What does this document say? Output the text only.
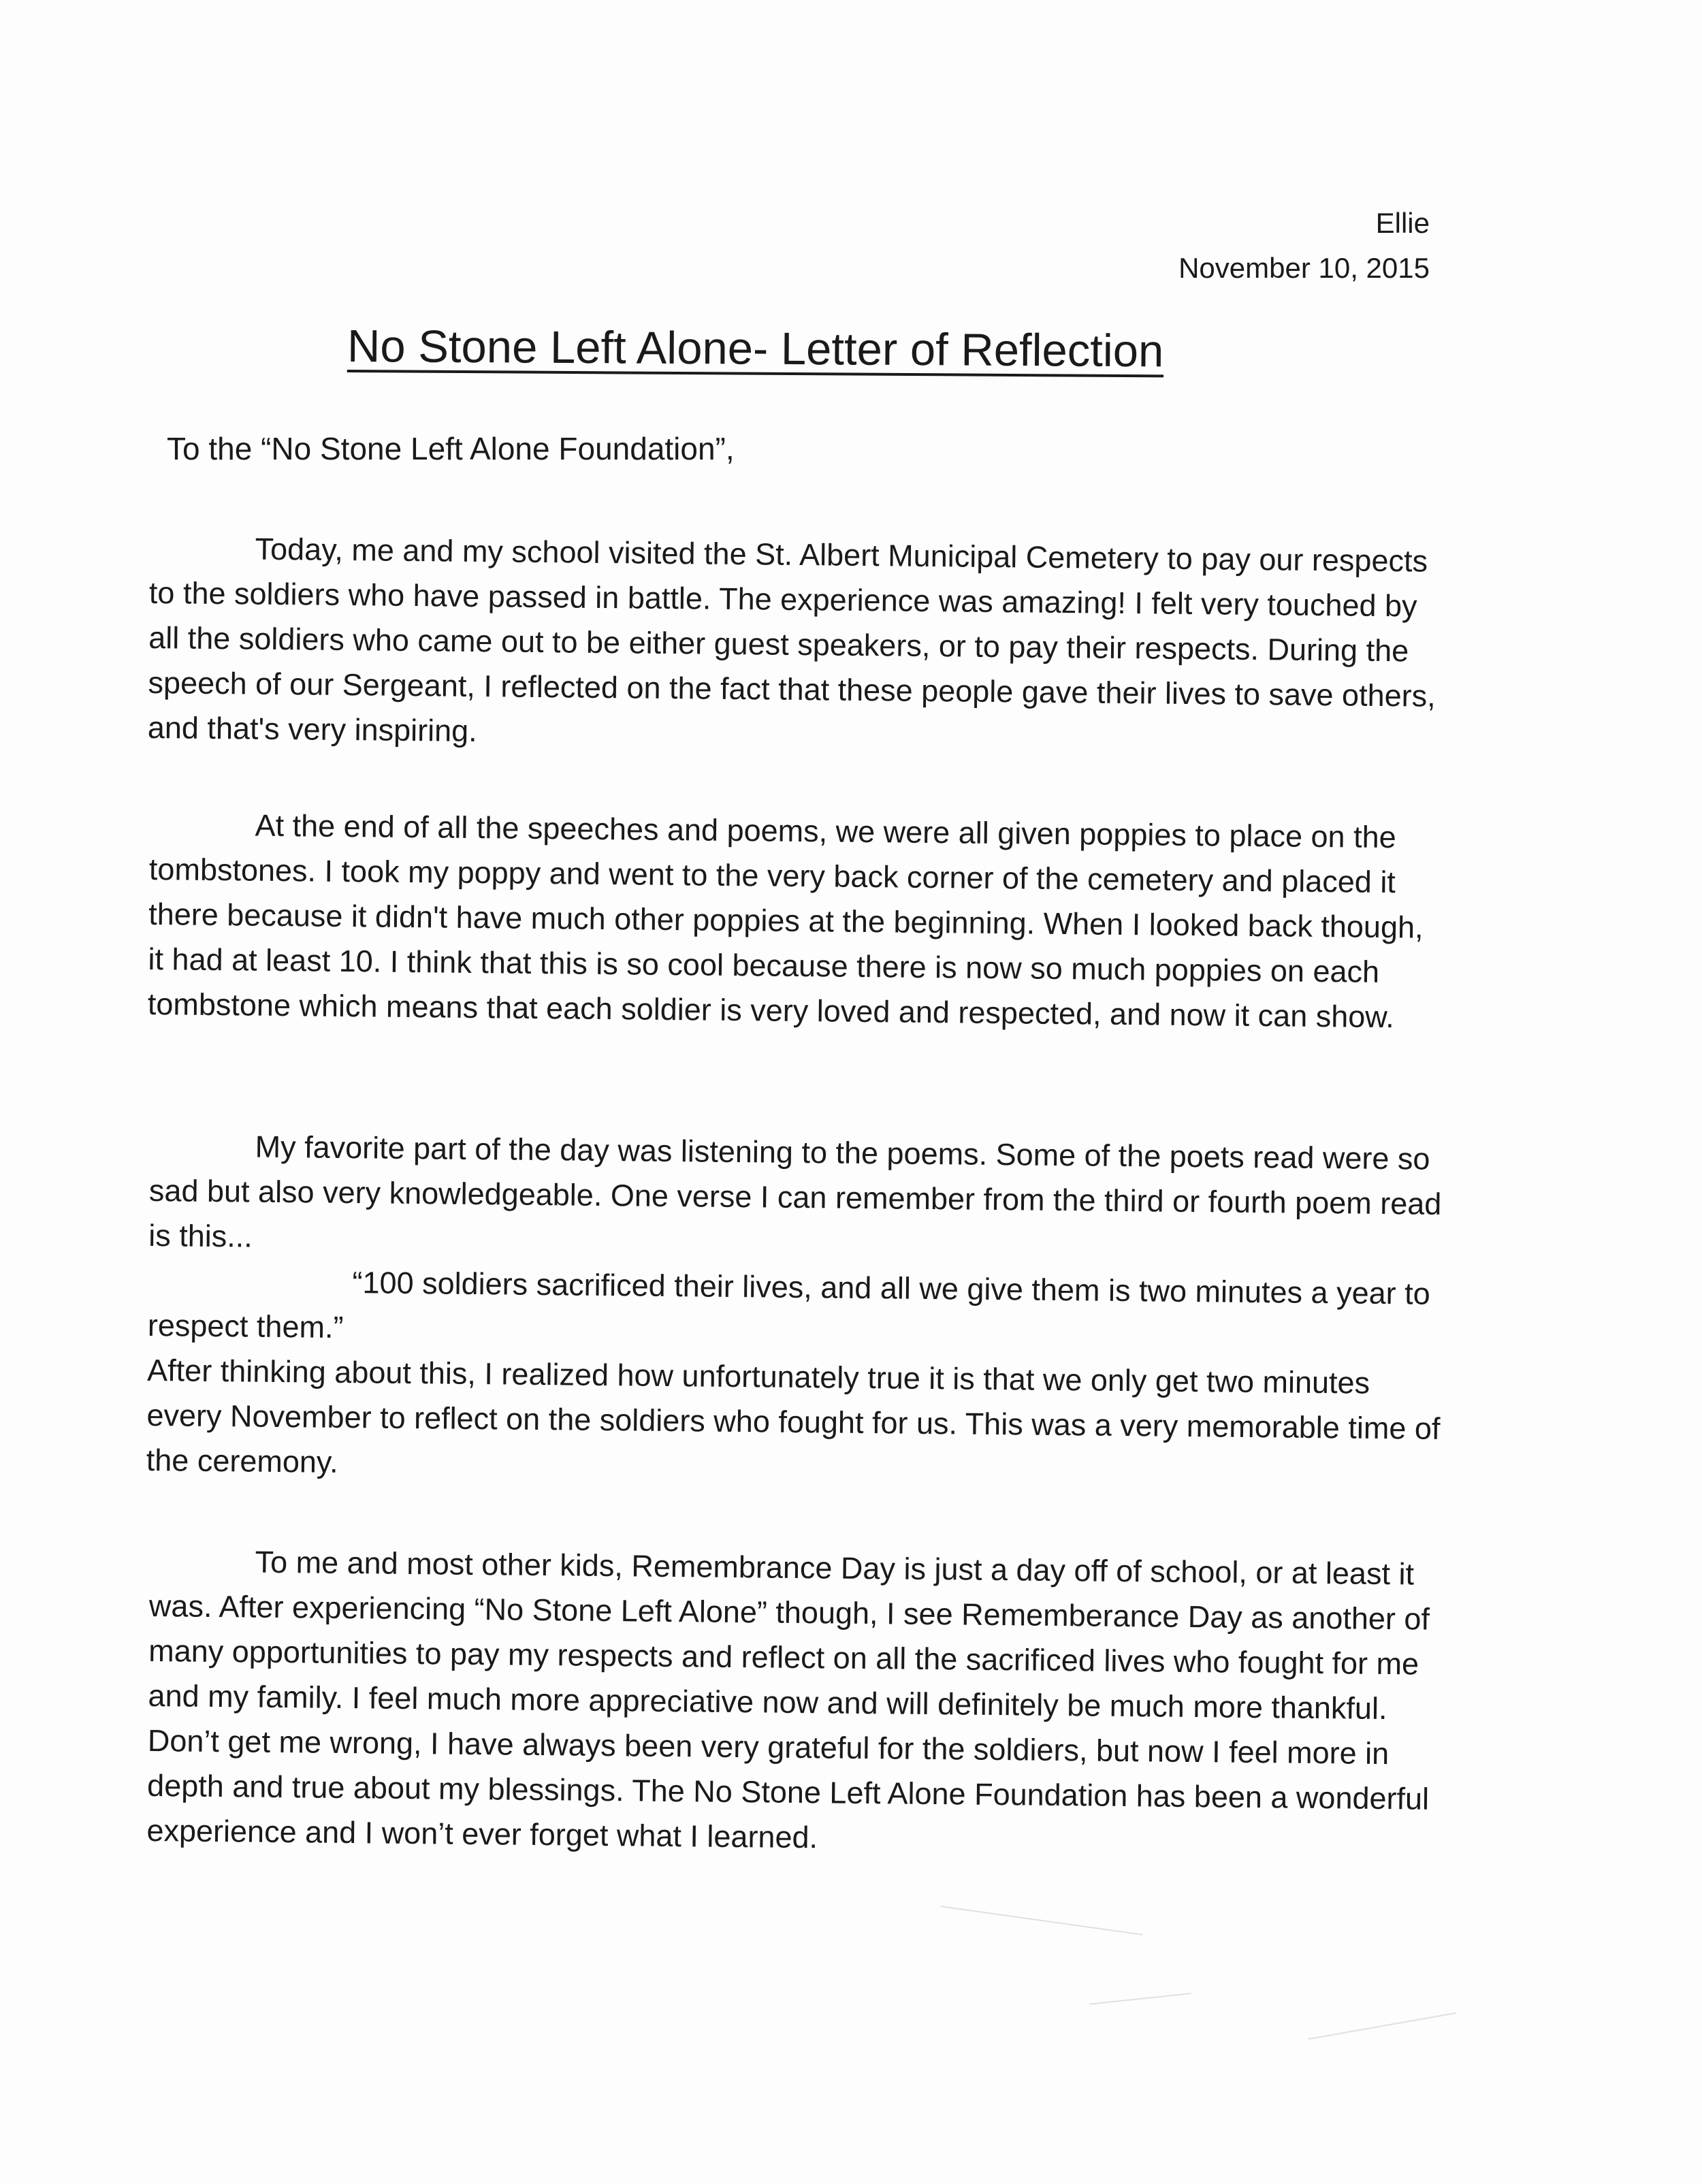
Ellie
November 10, 2015
No Stone Left Alone- Letter of Reflection
To the “No Stone Left Alone Foundation”,

Today, me and my school visited the St. Albert Municipal Cemetery to pay our respects to the soldiers who have passed in battle. The experience was amazing! I felt very touched by all the soldiers who came out to be either guest speakers, or to pay their respects. During the speech of our Sergeant, I reflected on the fact that these people gave their lives to save others, and that's very inspiring.

At the end of all the speeches and poems, we were all given poppies to place on the tombstones. I took my poppy and went to the very back corner of the cemetery and placed it there because it didn't have much other poppies at the beginning. When I looked back though, it had at least 10. I think that this is so cool because there is now so much poppies on each tombstone which means that each soldier is very loved and respected, and now it can show.

My favorite part of the day was listening to the poems. Some of the poets read were so sad but also very knowledgeable. One verse I can remember from the third or fourth poem read is this...

“100 soldiers sacrificed their lives, and all we give them is two minutes a year to respect them.”

After thinking about this, I realized how unfortunately true it is that we only get two minutes every November to reflect on the soldiers who fought for us. This was a very memorable time of the ceremony.

To me and most other kids, Remembrance Day is just a day off of school, or at least it was. After experiencing “No Stone Left Alone” though, I see Rememberance Day as another of many opportunities to pay my respects and reflect on all the sacrificed lives who fought for me and my family. I feel much more appreciative now and will definitely be much more thankful. Don’t get me wrong, I have always been very grateful for the soldiers, but now I feel more in depth and true about my blessings. The No Stone Left Alone Foundation has been a wonderful experience and I won’t ever forget what I learned.
